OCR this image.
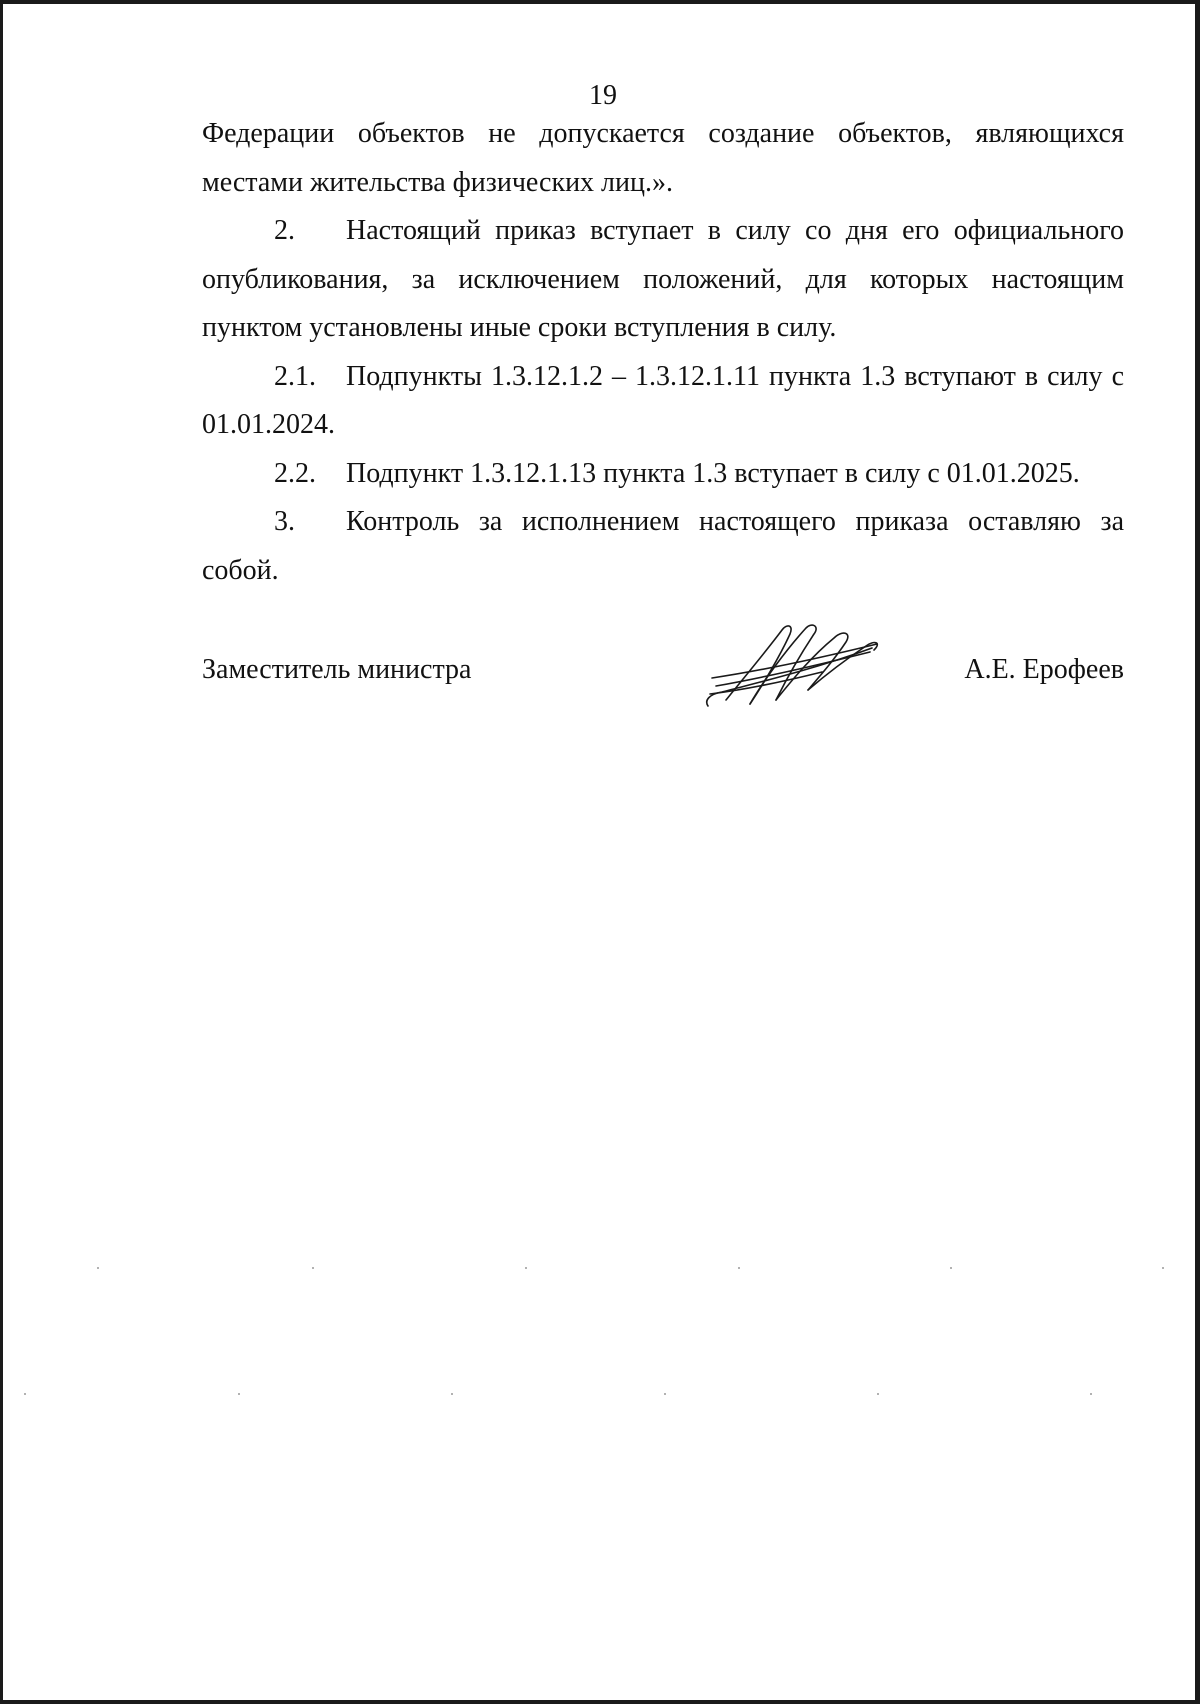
19

Федерации объектов не допускается создание объектов, являющихся местами жительства физических лиц.».

2. Настоящий приказ вступает в силу со дня его официального опубликования, за исключением положений, для которых настоящим пунктом установлены иные сроки вступления в силу.

2.1. Подпункты 1.3.12.1.2 – 1.3.12.1.11 пункта 1.3 вступают в силу с 01.01.2024.

2.2. Подпункт 1.3.12.1.13 пункта 1.3 вступает в силу с 01.01.2025.

3. Контроль за исполнением настоящего приказа оставляю за собой.

Заместитель министра	А.Е. Ерофеев
